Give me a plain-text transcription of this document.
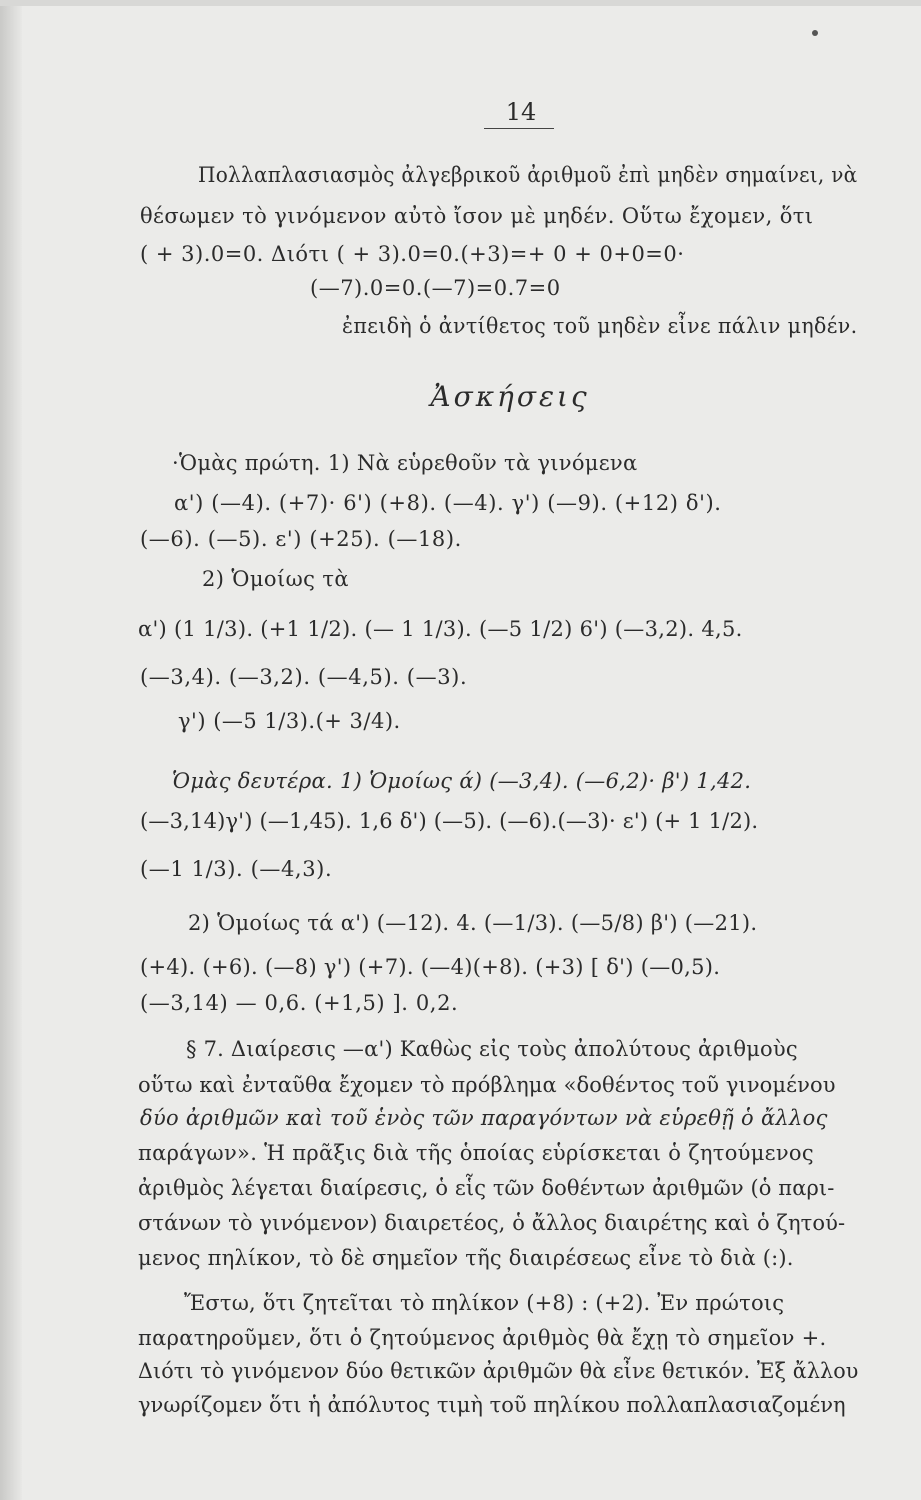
14
Πολλαπλασιασμὸς ἀλγεβρικοῦ ἀριθμοῦ ἐπὶ μηδὲν σημαίνει, νὰ
θέσωμεν τὸ γινόμενον αὐτὸ ἴσον μὲ μηδέν. Οὕτω ἔχομεν, ὅτι
( + 3).0=0. Διότι ( + 3).0=0.(+3)=+ 0 + 0+0=0·
(—7).0=0.(—7)=0.7=0
ἐπειδὴ ὁ ἀντίθετος τοῦ μηδὲν εἶνε πάλιν μηδέν.
Ἀσκήσεις
·Ὁμὰς πρώτη. 1) Νὰ εὑρεθοῦν τὰ γινόμενα
α') (—4). (+7)· 6') (+8). (—4). γ') (—9). (+12) δ').
(—6). (—5). ε') (+25). (—18).
2) Ὁμοίως τὰ
α') (1 1/3). (+1 1/2). (— 1 1/3). (—5 1/2) 6') (—3,2). 4,5.
(—3,4). (—3,2). (—4,5). (—3).
γ') (—5 1/3).(+ 3/4).
Ὁμὰς δευτέρα. 1) Ὁμοίως ά) (—3,4). (—6,2)· β') 1,42.
(—3,14)γ') (—1,45). 1,6 δ') (—5). (—6).(—3)· ε') (+ 1 1/2).
(—1 1/3). (—4,3).
2) Ὁμοίως τά α') (—12). 4. (—1/3). (—5/8) β') (—21).
(+4). (+6). (—8) γ') (+7). (—4)(+8). (+3) [ δ') (—0,5).
(—3,14) — 0,6. (+1,5) ]. 0,2.
§ 7. Διαίρεσις —α') Καθὼς εἰς τοὺς ἀπολύτους ἀριθμοὺς
οὕτω καὶ ἐνταῦθα ἔχομεν τὸ πρόβλημα «δοθέντος τοῦ γινομένου
δύο ἀριθμῶν καὶ τοῦ ἑνὸς τῶν παραγόντων νὰ εὑρεθῇ ὁ ἄλλος
παράγων». Ἡ πρᾶξις διὰ τῆς ὁποίας εὑρίσκεται ὁ ζητούμενος
ἀριθμὸς λέγεται διαίρεσις, ὁ εἷς τῶν δοθέντων ἀριθμῶν (ὁ παρι-
στάνων τὸ γινόμενον) διαιρετέος, ὁ ἄλλος διαιρέτης καὶ ὁ ζητού-
μενος πηλίκον, τὸ δὲ σημεῖον τῆς διαιρέσεως εἶνε τὸ διὰ (:).
Ἔστω, ὅτι ζητεῖται τὸ πηλίκον (+8) : (+2). Ἐν πρώτοις
παρατηροῦμεν, ὅτι ὁ ζητούμενος ἀριθμὸς θὰ ἔχῃ τὸ σημεῖον +.
Διότι τὸ γινόμενον δύο θετικῶν ἀριθμῶν θὰ εἶνε θετικόν. Ἐξ ἄλλου
γνωρίζομεν ὅτι ἡ ἀπόλυτος τιμὴ τοῦ πηλίκου πολλαπλασιαζομένη
